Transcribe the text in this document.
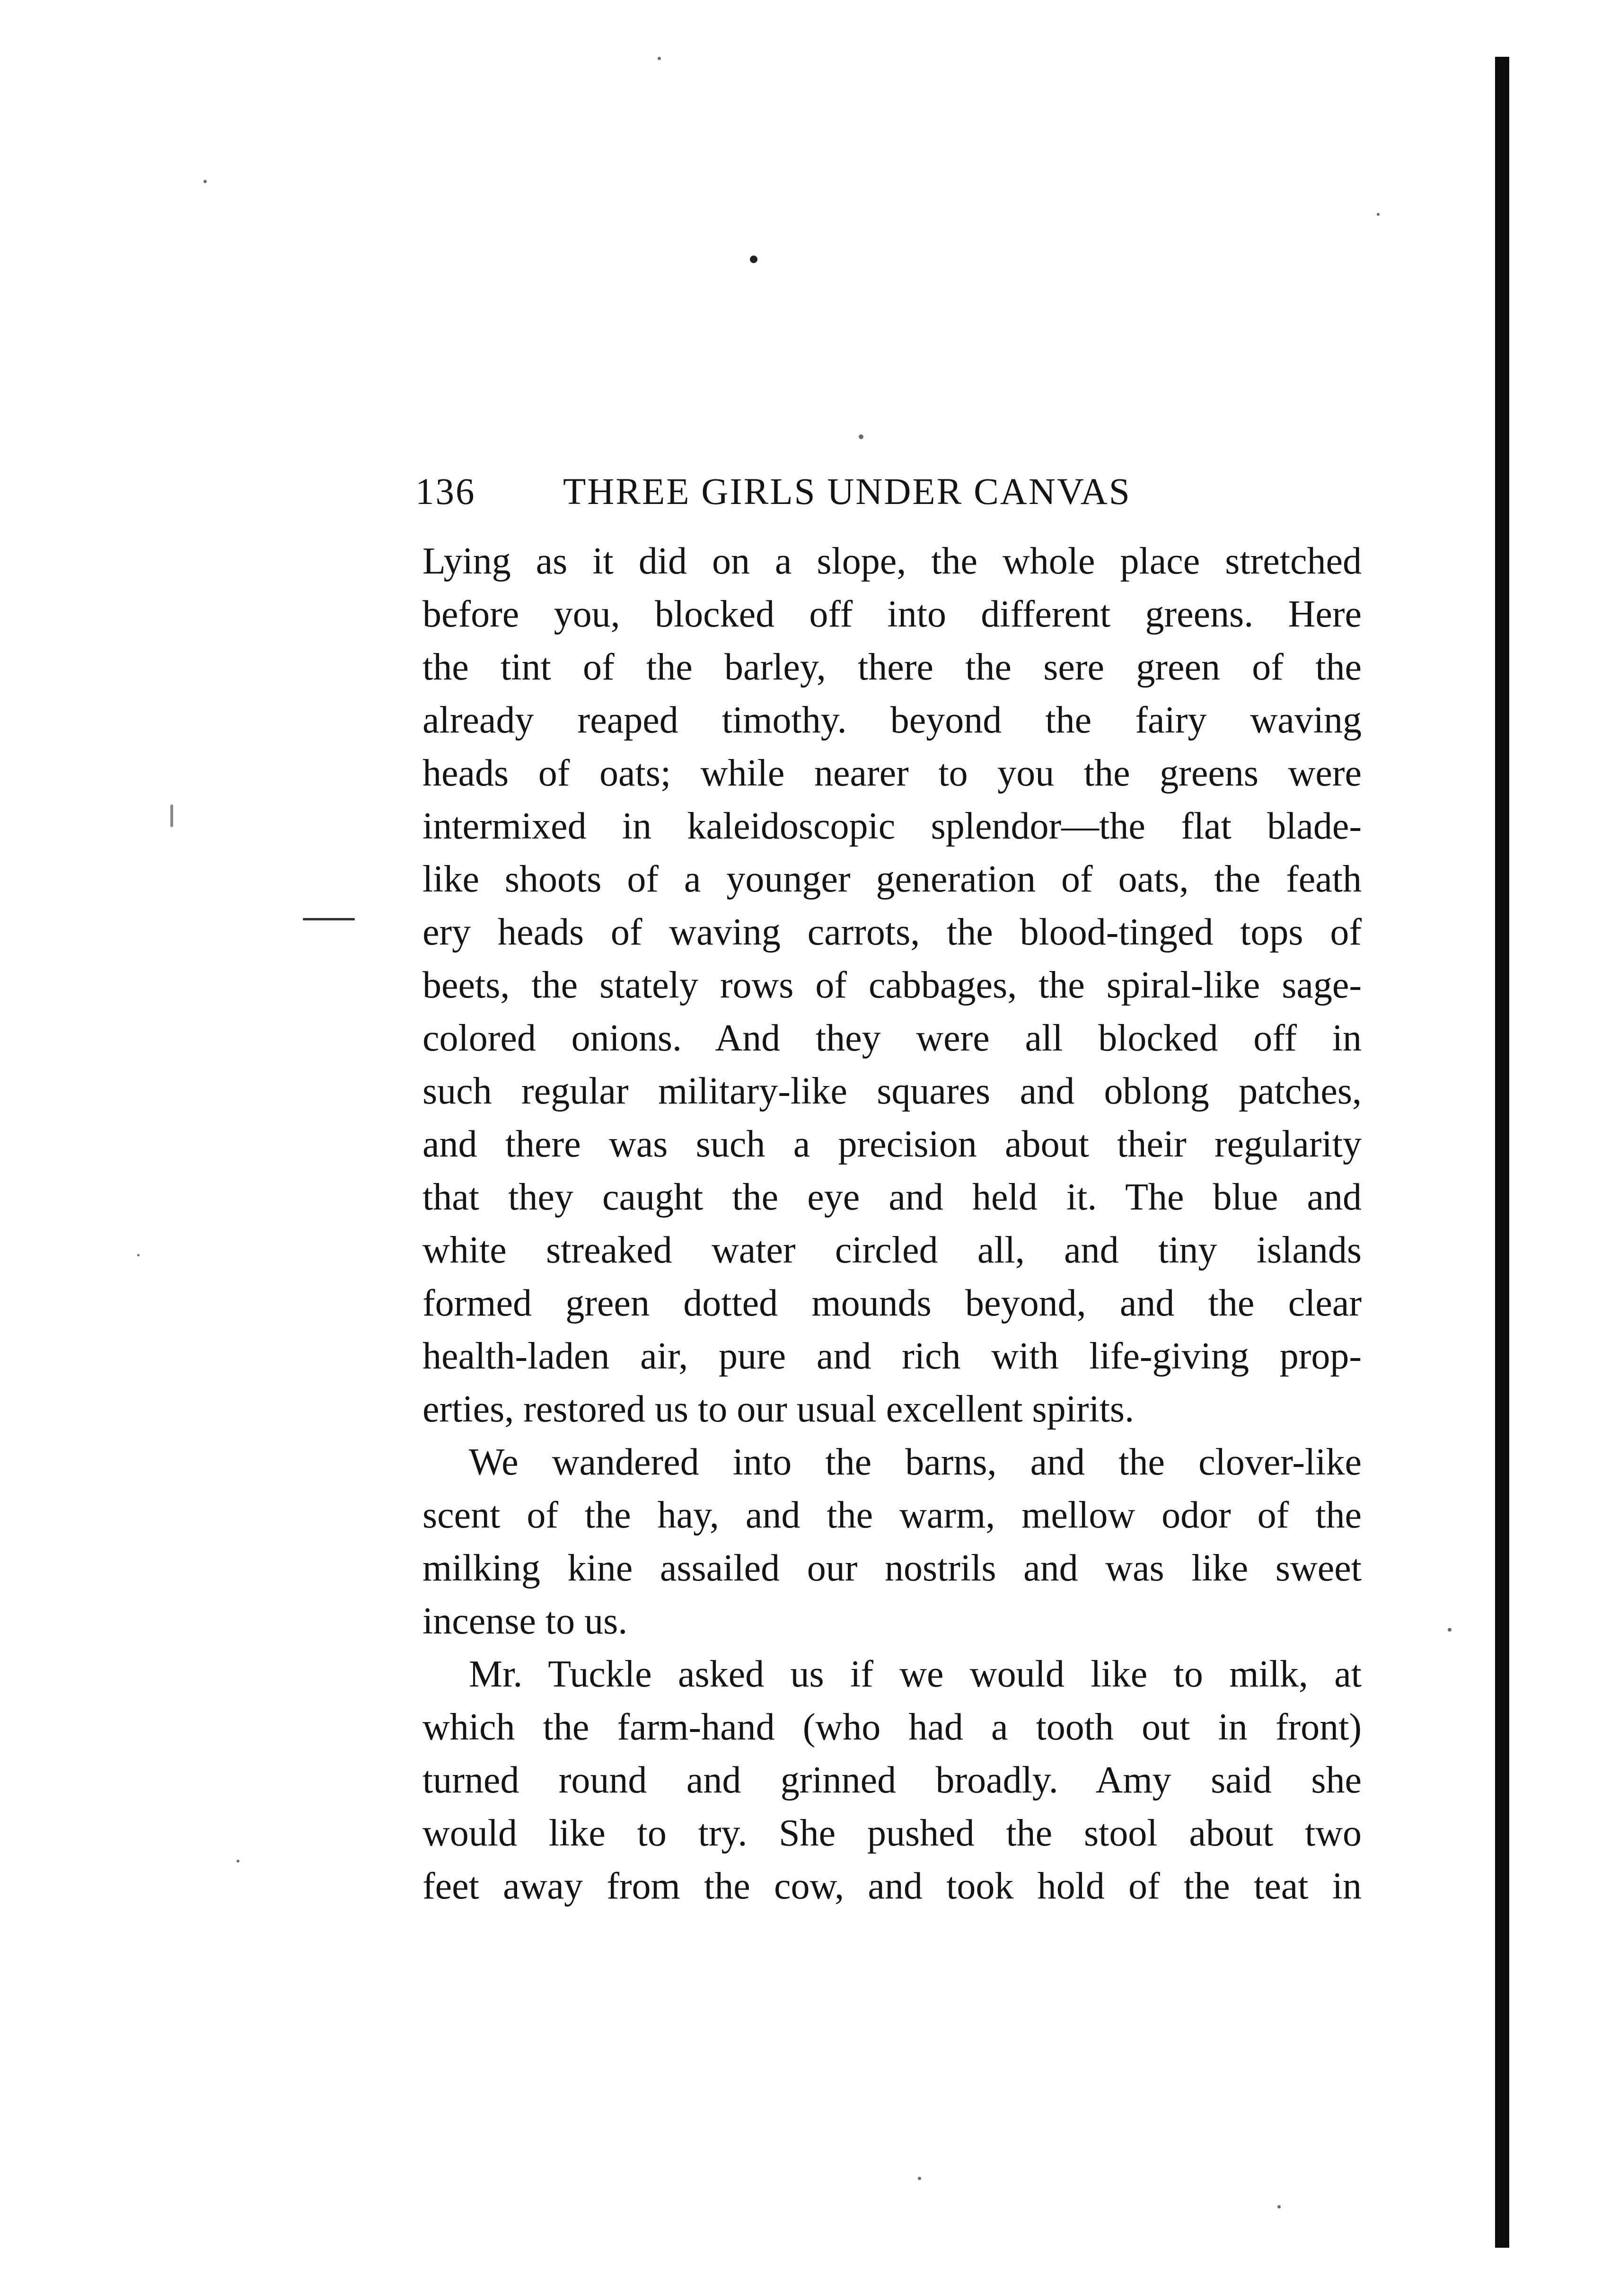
136 THREE GIRLS UNDER CANVAS
Lying as it did on a slope, the whole place stretched
before you, blocked off into different greens. Here
the tint of the barley, there the sere green of the
already reaped timothy. beyond the fairy waving
heads of oats; while nearer to you the greens were
intermixed in kaleidoscopic splendor—the flat blade-
like shoots of a younger generation of oats, the feath
ery heads of waving carrots, the blood-tinged tops of
beets, the stately rows of cabbages, the spiral-like sage-
colored onions. And they were all blocked off in
such regular military-like squares and oblong patches,
and there was such a precision about their regularity
that they caught the eye and held it. The blue and
white streaked water circled all, and tiny islands
formed green dotted mounds beyond, and the clear
health-laden air, pure and rich with life-giving prop-
erties, restored us to our usual excellent spirits.
We wandered into the barns, and the clover-like
scent of the hay, and the warm, mellow odor of the
milking kine assailed our nostrils and was like sweet
incense to us.
Mr. Tuckle asked us if we would like to milk, at
which the farm-hand (who had a tooth out in front)
turned round and grinned broadly. Amy said she
would like to try. She pushed the stool about two
feet away from the cow, and took hold of the teat in
